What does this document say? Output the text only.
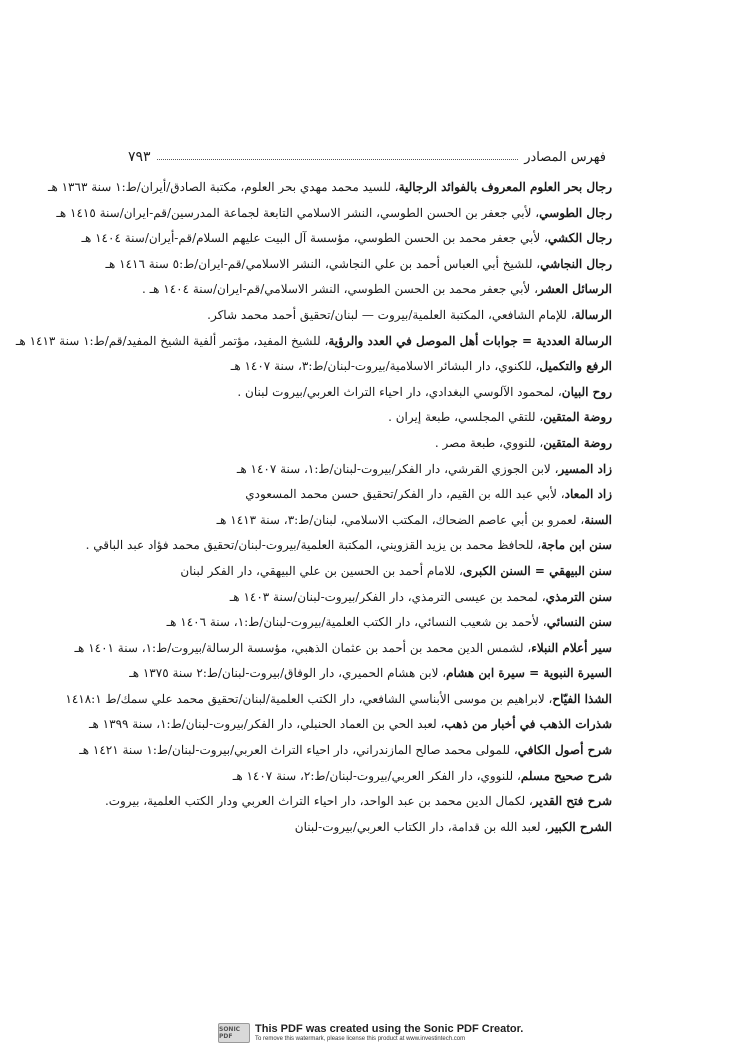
فهرس المصادر
٧٩٣
رجال بحر العلوم المعروف بالفوائد الرجالية، للسيد محمد مهدي بحر العلوم، مكتبة الصادق/أيران/ط:١ سنة ١٣٦٣ هـ
رجال الطوسي، لأبي جعفر بن الحسن الطوسي، النشر الاسلامي التابعة لجماعة المدرسين/قم-ايران/سنة ١٤١٥ هـ
رجال الكشي، لأبي جعفر محمد بن الحسن الطوسي، مؤسسة آل البيت عليهم السلام/قم-أيران/سنة ١٤٠٤ هـ
رجال النجاشي، للشيخ أبي العباس أحمد بن علي النجاشي، النشر الاسلامي/قم-ايران/ط:٥ سنة ١٤١٦ هـ
الرسائل العشر، لأبي جعفر محمد بن الحسن الطوسي، النشر الاسلامي/قم-ايران/سنة ١٤٠٤ هـ .
الرسالة، للإمام الشافعي، المكتبة العلمية/بيروت — لبنان/تحقيق أحمد محمد شاكر.
الرسالة العددية = جوابات أهل الموصل في العدد والرؤية، للشيخ المفيد، مؤتمر ألفية الشيخ المفيد/قم/ط:١ سنة ١٤١٣ هـ
الرفع والتكميل، للكنوي، دار البشائر الاسلامية/بيروت-لبنان/ط:٣، سنة ١٤٠٧ هـ
روح البيان، لمحمود الآلوسي البغدادي، دار احياء التراث العربي/بيروت لبنان .
روضة المتقين، للتقي المجلسي، طبعة إيران .
روضة المتقين، للنووي، طبعة مصر .
زاد المسير، لابن الجوزي القرشي، دار الفكر/بيروت-لبنان/ط:١، سنة ١٤٠٧ هـ
زاد المعاد، لأبي عبد الله بن القيم، دار الفكر/تحقيق حسن محمد المسعودي
السنة، لعمرو بن أبي عاصم الضحاك، المكتب الاسلامي، لبنان/ط:٣، سنة ١٤١٣ هـ
سنن ابن ماجة، للحافظ محمد بن يزيد القزويني، المكتبة العلمية/بيروت-لبنان/تحقيق محمد فؤاد عبد الباقي .
سنن البيهقي = السنن الكبرى، للامام أحمد بن الحسين بن علي البيهقي، دار الفكر لبنان
سنن الترمذي، لمحمد بن عيسى الترمذي، دار الفكر/بيروت-لبنان/سنة ١٤٠٣ هـ
سنن النسائي، لأحمد بن شعيب النسائي، دار الكتب العلمية/بيروت-لبنان/ط:١، سنة ١٤٠٦ هـ
سير أعلام النبلاء، لشمس الدين محمد بن أحمد بن عثمان الذهبي، مؤسسة الرسالة/بيروت/ط:١، سنة ١٤٠١ هـ
السيرة النبوية = سيرة ابن هشام، لابن هشام الحميري، دار الوفاق/بيروت-لبنان/ط:٢ سنة ١٣٧٥ هـ
الشذا الفيّاح، لابراهيم بن موسى الأبناسي الشافعي، دار الكتب العلمية/لبنان/تحقيق محمد علي سمك/ط ١٤١٨:١
شذرات الذهب في أخبار من ذهب، لعبد الحي بن العماد الحنبلي، دار الفكر/بيروت-لبنان/ط:١، سنة ١٣٩٩ هـ
شرح أصول الكافي، للمولى محمد صالح المازندراني، دار احياء التراث العربي/بيروت-لبنان/ط:١ سنة ١٤٢١ هـ
شرح صحيح مسلم، للنووي، دار الفكر العربي/بيروت-لبنان/ط:٢، سنة ١٤٠٧ هـ
شرح فتح القدير، لكمال الدين محمد بن عبد الواحد، دار احياء التراث العربي ودار الكتب العلمية، بيروت.
الشرح الكبير، لعبد الله بن قدامة، دار الكتاب العربي/بيروت-لبنان
SONIC PDF
This PDF was created using the Sonic PDF Creator.
To remove this watermark, please license this product at www.investintech.com
